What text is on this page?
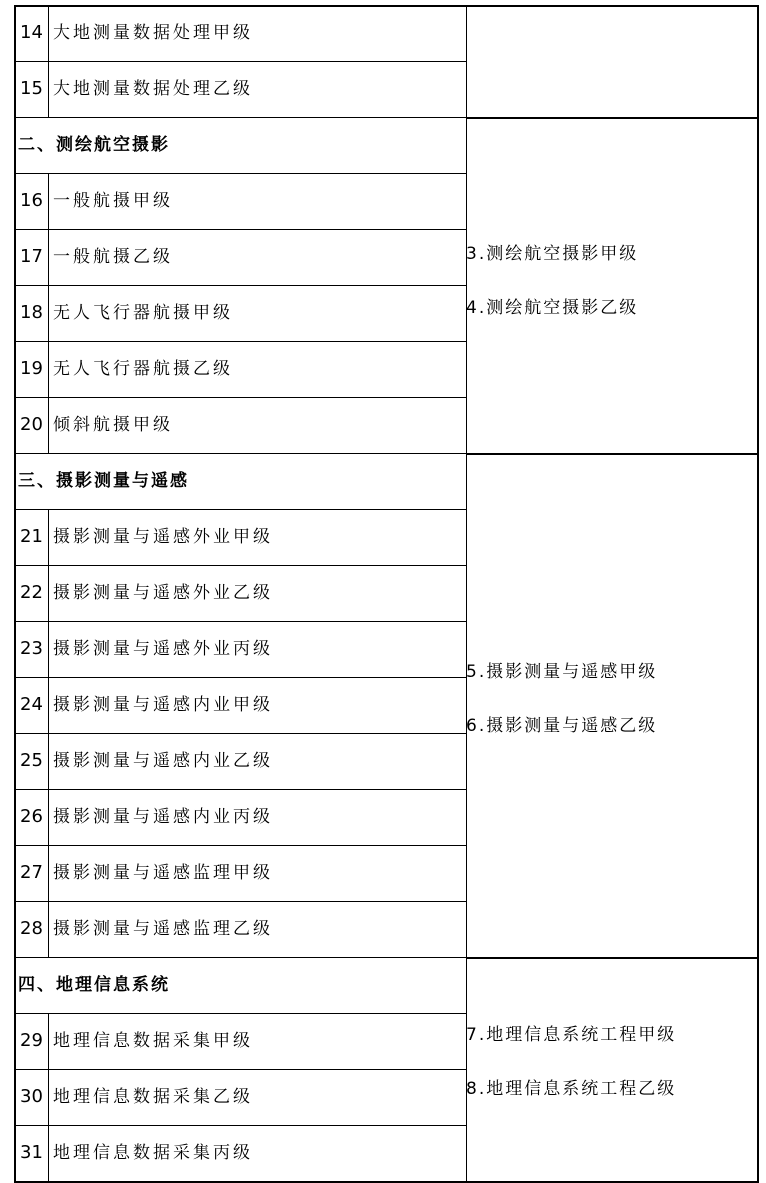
14 大地测量数据处理甲级
15 大地测量数据处理乙级
二、测绘航空摄影
16 一般航摄甲级
17 一般航摄乙级
18 无人飞行器航摄甲级
19 无人飞行器航摄乙级
20 倾斜航摄甲级
三、摄影测量与遥感
21 摄影测量与遥感外业甲级
22 摄影测量与遥感外业乙级
23 摄影测量与遥感外业丙级
24 摄影测量与遥感内业甲级
25 摄影测量与遥感内业乙级
26 摄影测量与遥感内业丙级
27 摄影测量与遥感监理甲级
28 摄影测量与遥感监理乙级
四、地理信息系统
29 地理信息数据采集甲级
30 地理信息数据采集乙级
31 地理信息数据采集丙级
3.测绘航空摄影甲级
4.测绘航空摄影乙级
5.摄影测量与遥感甲级
6.摄影测量与遥感乙级
7.地理信息系统工程甲级
8.地理信息系统工程乙级
